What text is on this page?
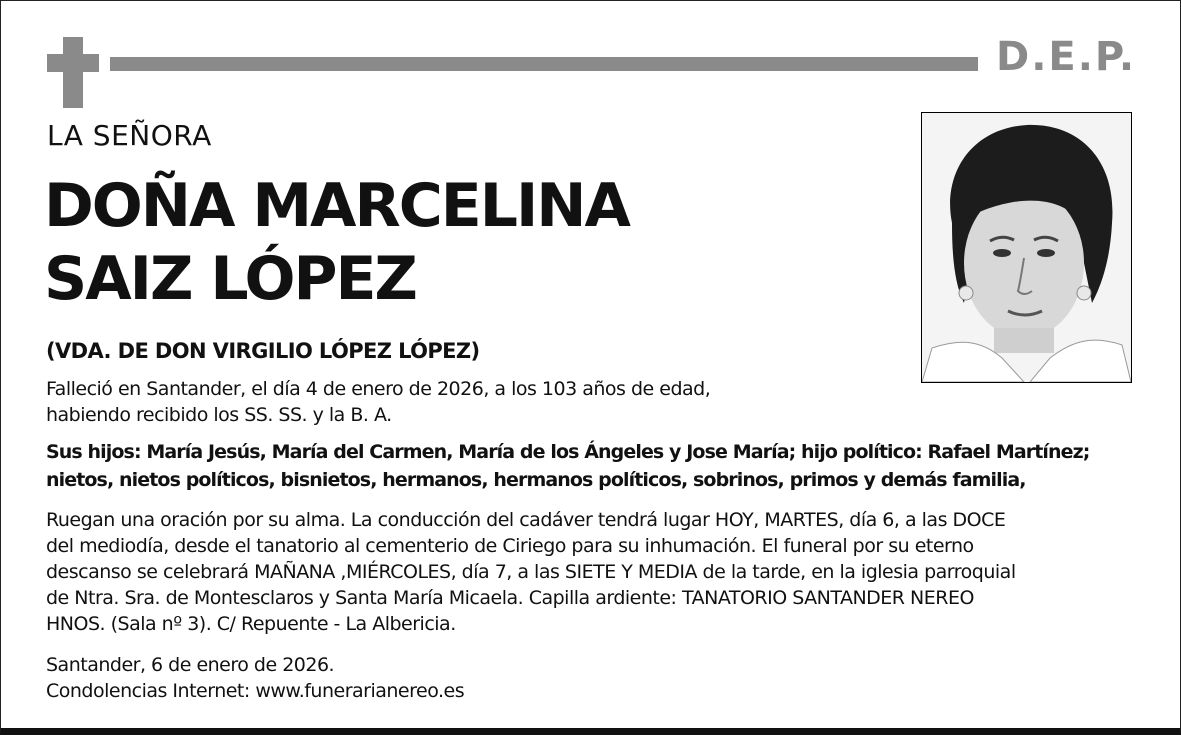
D.E.P.
LA SEÑORA
DOÑA MARCELINA
SAIZ LÓPEZ
(VDA. DE DON VIRGILIO LÓPEZ LÓPEZ)
Falleció en Santander, el día 4 de enero de 2026, a los 103 años de edad,
habiendo recibido los SS. SS. y la B. A.
Sus hijos: María Jesús, María del Carmen, María de los Ángeles y Jose María; hijo político: Rafael Martínez;
nietos, nietos políticos, bisnietos, hermanos, hermanos políticos, sobrinos, primos y demás familia,
Ruegan una oración por su alma. La conducción del cadáver tendrá lugar HOY, MARTES, día 6, a las DOCE
del mediodía, desde el tanatorio al cementerio de Ciriego para su inhumación. El funeral por su eterno
descanso se celebrará MAÑANA ,MIÉRCOLES, día 7, a las SIETE Y MEDIA de la tarde, en la iglesia parroquial
de Ntra. Sra. de Montesclaros y Santa María Micaela. Capilla ardiente: TANATORIO SANTANDER NEREO
HNOS. (Sala nº 3). C/ Repuente - La Albericia.
Santander, 6 de enero de 2026.
Condolencias Internet: www.funerarianereo.es
